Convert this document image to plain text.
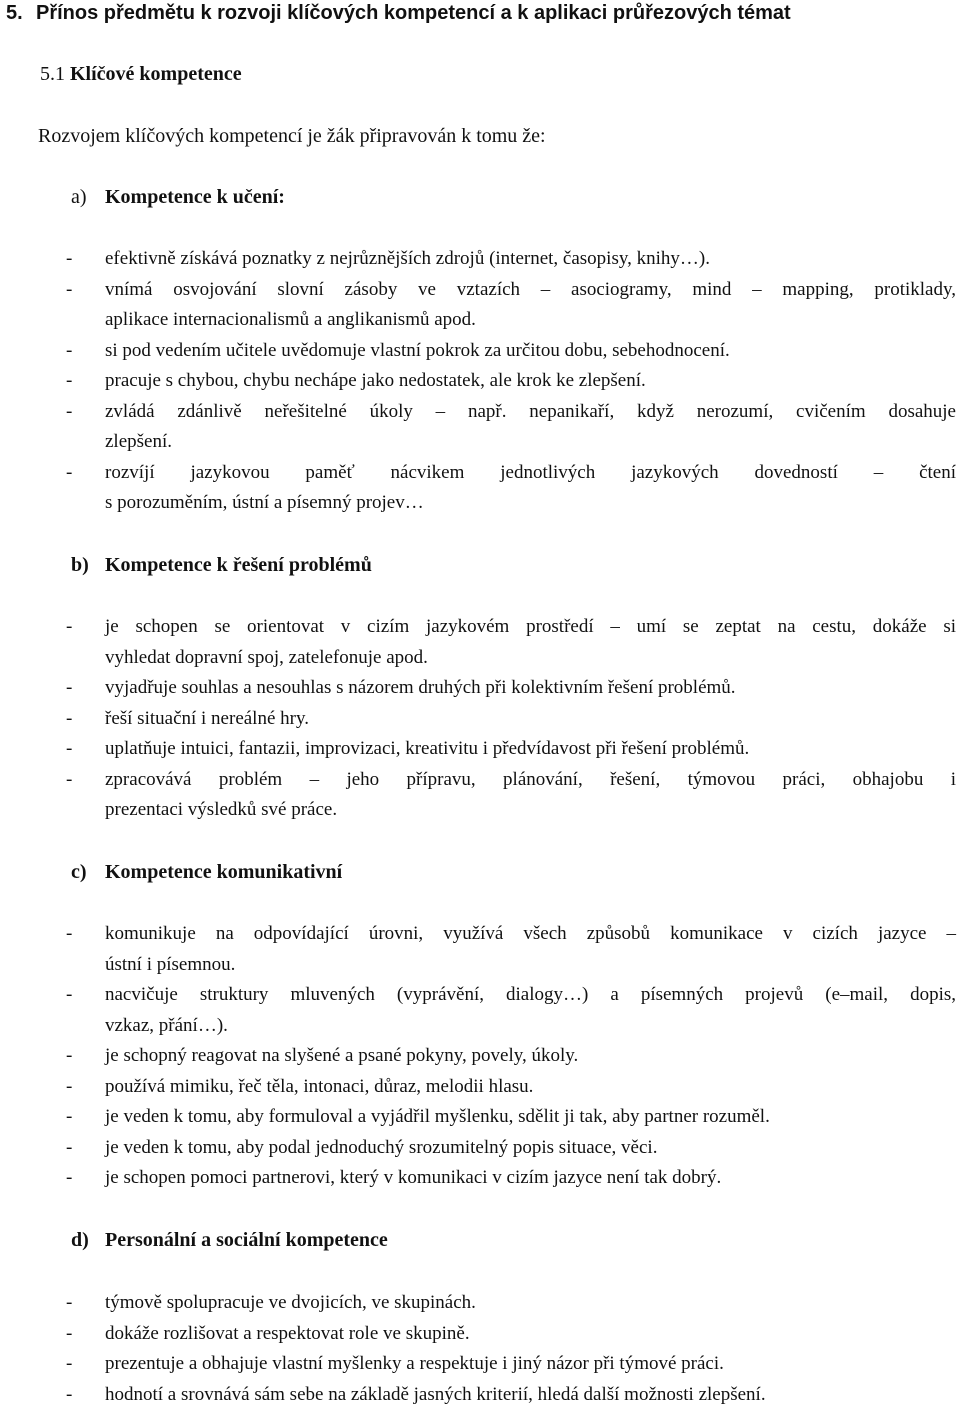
5. Přínos předmětu k rozvoji klíčových kompetencí a k aplikaci průřezových témat
5.1 Klíčové kompetence

Rozvojem klíčových kompetencí je žák připravován k tomu že:

a) Kompetence k učení:
- efektivně získává poznatky z nejrůznějších zdrojů (internet, časopisy, knihy…).
- vnímá osvojování slovní zásoby ve vztazích – asociogramy, mind – mapping, protiklady,
aplikace internacionalismů a anglikanismů apod.
- si pod vedením učitele uvědomuje vlastní pokrok za určitou dobu, sebehodnocení.
- pracuje s chybou, chybu nechápe jako nedostatek, ale krok ke zlepšení.
- zvládá zdánlivě neřešitelné úkoly – např. nepanikaří, když nerozumí, cvičením dosahuje
zlepšení.
- rozvíjí jazykovou paměť nácvikem jednotlivých jazykových dovedností – čtení
s porozuměním, ústní a písemný projev…
b) Kompetence k řešení problémů
- je schopen se orientovat v cizím jazykovém prostředí – umí se zeptat na cestu, dokáže si
vyhledat dopravní spoj, zatelefonuje apod.
- vyjadřuje souhlas a nesouhlas s názorem druhých při kolektivním řešení problémů.
- řeší situační i nereálné hry.
- uplatňuje intuici, fantazii, improvizaci, kreativitu i předvídavost při řešení problémů.
- zpracovává problém – jeho přípravu, plánování, řešení, týmovou práci, obhajobu i
prezentaci výsledků své práce.
c) Kompetence komunikativní
- komunikuje na odpovídající úrovni, využívá všech způsobů komunikace v cizích jazyce –
ústní i písemnou.
- nacvičuje struktury mluvených (vyprávění, dialogy…) a písemných projevů (e–mail, dopis,
vzkaz, přání…).
- je schopný reagovat na slyšené a psané pokyny, povely, úkoly.
- používá mimiku, řeč těla, intonaci, důraz, melodii hlasu.
- je veden k tomu, aby formuloval a vyjádřil myšlenku, sdělit ji tak, aby partner rozuměl.
- je veden k tomu, aby podal jednoduchý srozumitelný popis situace, věci.
- je schopen pomoci partnerovi, který v komunikaci v cizím jazyce není tak dobrý.
d) Personální a sociální kompetence
- týmově spolupracuje ve dvojicích, ve skupinách.
- dokáže rozlišovat a respektovat role ve skupině.
- prezentuje a obhajuje vlastní myšlenky a respektuje i jiný názor při týmové práci.
- hodnotí a srovnává sám sebe na základě jasných kriterií, hledá další možnosti zlepšení.
